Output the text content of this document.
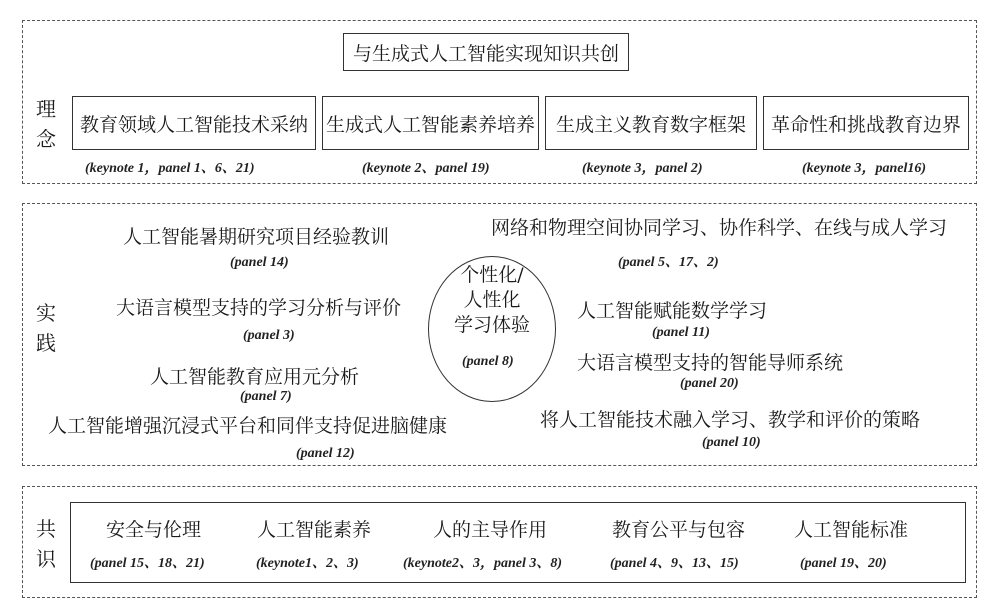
理
念
与生成式人工智能实现知识共创
教育领域人工智能技术采纳 生成式人工智能素养培养 生成主义教育数字框架 革命性和挑战教育边界
(keynote 1，panel 1、6、21)	(keynote 2、panel 19)	(keynote 3，panel 2)	(keynote 3，panel16)
实
践
人工智能暑期研究项目经验教训
(panel 14)
大语言模型支持的学习分析与评价
(panel 3)
人工智能教育应用元分析
(panel 7)
人工智能增强沉浸式平台和同伴支持促进脑健康
(panel 12)
个性化/
人性化
学习体验
(panel 8)
网络和物理空间协同学习、协作科学、在线与成人学习
(panel 5、17、2)
人工智能赋能数学学习
(panel 11)
大语言模型支持的智能导师系统
(panel 20)
将人工智能技术融入学习、教学和评价的策略
(panel 10)
共
识
安全与伦理
(panel 15、18、21)
人工智能素养
(keynote1、2、3)
人的主导作用
(keynote2、3，panel 3、8)
教育公平与包容
(panel 4、9、13、15)
人工智能标准
(panel 19、20)
